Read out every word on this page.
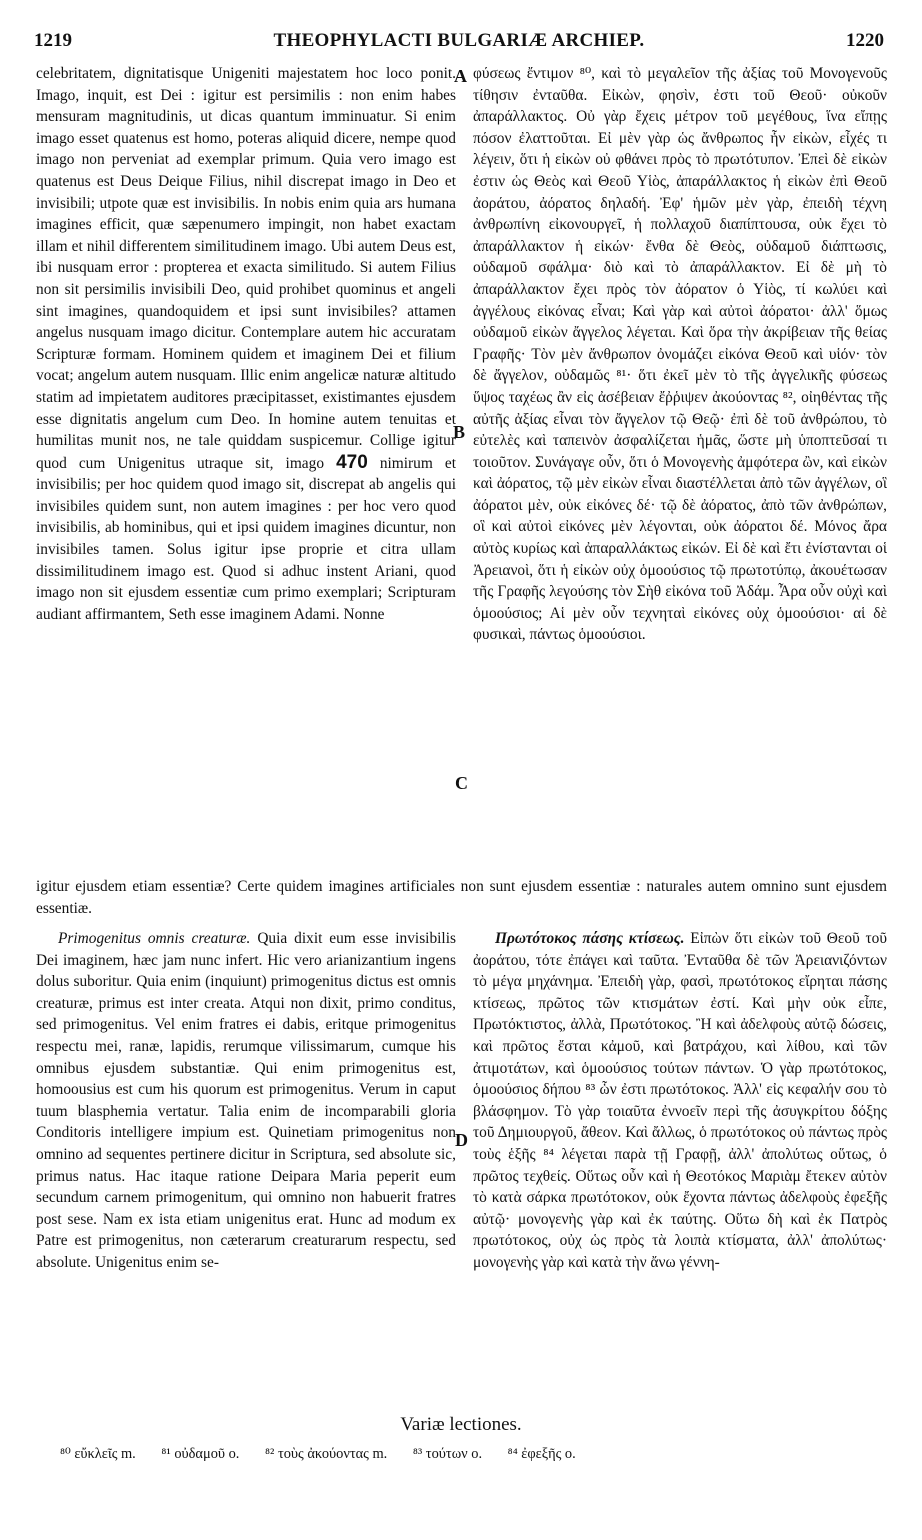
1219	THEOPHYLACTI BULGARIÆ ARCHIEP.	1220
A
B
C
D

celebritatem, dignitatisque Unigeniti majestatem hoc loco ponit. Imago, inquit, est Dei : igitur est persimilis : non enim habes mensuram magnitudinis, ut dicas quantum imminuatur. Si enim imago esset quatenus est homo, poteras aliquid dicere, nempe quod imago non perveniat ad exemplar primum. Quia vero imago est quatenus est Deus Deique Filius, nihil discrepat imago in Deo et invisibili; utpote quæ est invisibilis. In nobis enim quia ars humana imagines efficit, quæ sæpenumero impingit, non habet exactam illam et nihil differentem similitudinem imago. Ubi autem Deus est, ibi nusquam error : propterea et exacta similitudo. Si autem Filius non sit persimilis invisibili Deo, quid prohibet quominus et angeli sint imagines, quandoquidem et ipsi sunt invisibiles? attamen angelus nusquam imago dicitur. Contemplare autem hic accuratam Scripturæ formam. Hominem quidem et imaginem Dei et filium vocat; angelum autem nusquam. Illic enim angelicæ naturæ altitudo statim ad impietatem auditores præcipitasset, existimantes ejusdem esse dignitatis angelum cum Deo. In homine autem tenuitas et humilitas munit nos, ne tale quiddam suspicemur. Collige igitur quod cum Unigenitus utraque sit, imago 470 nimirum et invisibilis; per hoc quidem quod imago sit, discrepat ab angelis qui invisibiles quidem sunt, non autem imagines : per hoc vero quod invisibilis, ab hominibus, qui et ipsi quidem imagines dicuntur, non invisibiles tamen. Solus igitur ipse proprie et citra ullam dissimilitudinem imago est. Quod si adhuc instent Ariani, quod imago non sit ejusdem essentiæ cum primo exemplari; Scripturam audiant affirmantem, Seth esse imaginem Adami. Nonne

φύσεως ἔντιμον ⁸⁰, καὶ τὸ μεγαλεῖον τῆς ἀξίας τοῦ Μονογενοῦς τίθησιν ἐνταῦθα. Εἰκὼν, φησὶν, ἐστι τοῦ Θεοῦ· οὐκοῦν ἀπαράλλακτος. Οὐ γὰρ ἔχεις μέτρον τοῦ μεγέθους, ἵνα εἴπῃς πόσον ἐλαττοῦται. Εἰ μὲν γὰρ ὡς ἄνθρωπος ἦν εἰκὼν, εἶχές τι λέγειν, ὅτι ἡ εἰκὼν οὐ φθάνει πρὸς τὸ πρωτότυπον. Ἐπεὶ δὲ εἰκὼν ἐστιν ὡς Θεὸς καὶ Θεοῦ Υἱὸς, ἀπαράλλακτος ἡ εἰκὼν ἐπὶ Θεοῦ ἀοράτου, ἀόρατος δηλαδή. Ἐφ' ἡμῶν μὲν γὰρ, ἐπειδὴ τέχνη ἀνθρωπίνη εἰκονουργεῖ, ἡ πολλαχοῦ διαπίπτουσα, οὐκ ἔχει τὸ ἀπαράλλακτον ἡ εἰκών· ἔνθα δὲ Θεὸς, οὐδαμοῦ διάπτωσις, οὐδαμοῦ σφάλμα· διὸ καὶ τὸ ἀπαράλλακτον. Εἰ δὲ μὴ τὸ ἀπαράλλακτον ἔχει πρὸς τὸν ἀόρατον ὁ Υἱὸς, τί κωλύει καὶ ἀγγέλους εἰκόνας εἶναι; Καὶ γὰρ καὶ αὐτοὶ ἀόρατοι· ἀλλ' ὅμως οὐδαμοῦ εἰκὼν ἄγγελος λέγεται. Καὶ ὅρα τὴν ἀκρίβειαν τῆς θείας Γραφῆς· Τὸν μὲν ἄνθρωπον ὀνομάζει εἰκόνα Θεοῦ καὶ υἱόν· τὸν δὲ ἄγγελον, οὐδαμῶς ⁸¹· ὅτι ἐκεῖ μὲν τὸ τῆς ἀγγελικῆς φύσεως ὕψος ταχέως ἂν εἰς ἀσέβειαν ἔῤῥιψεν ἀκούοντας ⁸², οἰηθέντας τῆς αὐτῆς ἀξίας εἶναι τὸν ἄγγελον τῷ Θεῷ· ἐπὶ δὲ τοῦ ἀνθρώπου, τὸ εὐτελὲς καὶ ταπεινὸν ἀσφαλίζεται ἡμᾶς, ὥστε μὴ ὑποπτεῦσαί τι τοιοῦτον. Συνάγαγε οὖν, ὅτι ὁ Μονογενὴς ἀμφότερα ὢν, καὶ εἰκὼν καὶ ἀόρατος, τῷ μὲν εἰκὼν εἶναι διαστέλλεται ἀπὸ τῶν ἀγγέλων, οἳ ἀόρατοι μὲν, οὐκ εἰκόνες δέ· τῷ δὲ ἀόρατος, ἀπὸ τῶν ἀνθρώπων, οἳ καὶ αὐτοὶ εἰκόνες μὲν λέγονται, οὐκ ἀόρατοι δέ. Μόνος ἄρα αὐτὸς κυρίως καὶ ἀπαραλλάκτως εἰκών. Εἰ δὲ καὶ ἔτι ἐνίστανται οἱ Ἀρειανοὶ, ὅτι ἡ εἰκὼν οὐχ ὁμοούσιος τῷ πρωτοτύπῳ, ἀκουέτωσαν τῆς Γραφῆς λεγούσης τὸν Σὴθ εἰκόνα τοῦ Ἀδάμ. Ἆρα οὖν οὐχὶ καὶ ὁμοούσιος; Αἱ μὲν οὖν τεχνηταὶ εἰκόνες οὐχ ὁμοούσιοι· αἱ δὲ φυσικαὶ, πάντως ὁμοούσιοι.

igitur ejusdem etiam essentiæ? Certe quidem imagines artificiales non sunt ejusdem essentiæ : naturales autem omnino sunt ejusdem essentiæ.

Primogenitus omnis creaturæ. Quia dixit eum esse invisibilis Dei imaginem, hæc jam nunc infert. Hic vero arianizantium ingens dolus suboritur. Quia enim (inquiunt) primogenitus dictus est omnis creaturæ, primus est inter creata. Atqui non dixit, primo conditus, sed primogenitus. Vel enim fratres ei dabis, eritque primogenitus respectu mei, ranæ, lapidis, rerumque vilissimarum, cumque his omnibus ejusdem substantiæ. Qui enim primogenitus est, homoousius est cum his quorum est primogenitus. Verum in caput tuum blasphemia vertatur. Talia enim de incomparabili gloria Conditoris intelligere impium est. Quinetiam primogenitus non omnino ad sequentes pertinere dicitur in Scriptura, sed absolute sic, primus natus. Hac itaque ratione Deipara Maria peperit eum secundum carnem primogenitum, qui omnino non habuerit fratres post sese. Nam ex ista etiam unigenitus erat. Hunc ad modum ex Patre est primogenitus, non cæterarum creaturarum respectu, sed absolute. Unigenitus enim se-

Πρωτότοκος πάσης κτίσεως. Εἰπὼν ὅτι εἰκὼν τοῦ Θεοῦ τοῦ ἀοράτου, τότε ἐπάγει καὶ ταῦτα. Ἐνταῦθα δὲ τῶν Ἀρειανιζόντων τὸ μέγα μηχάνημα. Ἐπειδὴ γὰρ, φασὶ, πρωτότοκος εἴρηται πάσης κτίσεως, πρῶτος τῶν κτισμάτων ἐστί. Καὶ μὴν οὐκ εἶπε, Πρωτόκτιστος, ἀλλὰ, Πρωτότοκος. Ἢ καὶ ἀδελφοὺς αὐτῷ δώσεις, καὶ πρῶτος ἔσται κἀμοῦ, καὶ βατράχου, καὶ λίθου, καὶ τῶν ἀτιμοτάτων, καὶ ὁμοούσιος τούτων πάντων. Ὁ γὰρ πρωτότοκος, ὁμοούσιος δήπου ⁸³ ὧν ἐστι πρωτότοκος. Ἀλλ' εἰς κεφαλήν σου τὸ βλάσφημον. Τὸ γὰρ τοιαῦτα ἐννοεῖν περὶ τῆς ἀσυγκρίτου δόξης τοῦ Δημιουργοῦ, ἄθεον. Καὶ ἄλλως, ὁ πρωτότοκος οὐ πάντως πρὸς τοὺς ἑξῆς ⁸⁴ λέγεται παρὰ τῇ Γραφῇ, ἀλλ' ἀπολύτως οὕτως, ὁ πρῶτος τεχθείς. Οὕτως οὖν καὶ ἡ Θεοτόκος Μαριὰμ ἔτεκεν αὐτὸν τὸ κατὰ σάρκα πρωτότοκον, οὐκ ἔχοντα πάντως ἀδελφοὺς ἐφεξῆς αὐτῷ· μονογενὴς γὰρ καὶ ἐκ ταύτης. Οὕτω δὴ καὶ ἐκ Πατρὸς πρωτότοκος, οὐχ ὡς πρὸς τὰ λοιπὰ κτίσματα, ἀλλ' ἀπολύτως· μονογενὴς γὰρ καὶ κατὰ τὴν ἄνω γέννη-

Variæ lectiones.
⁸⁰ εὔκλεῖς m. ⁸¹ οὐδαμοῦ o. ⁸² τοὺς ἀκούοντας m. ⁸³ τούτων o. ⁸⁴ ἐφεξῆς o.
